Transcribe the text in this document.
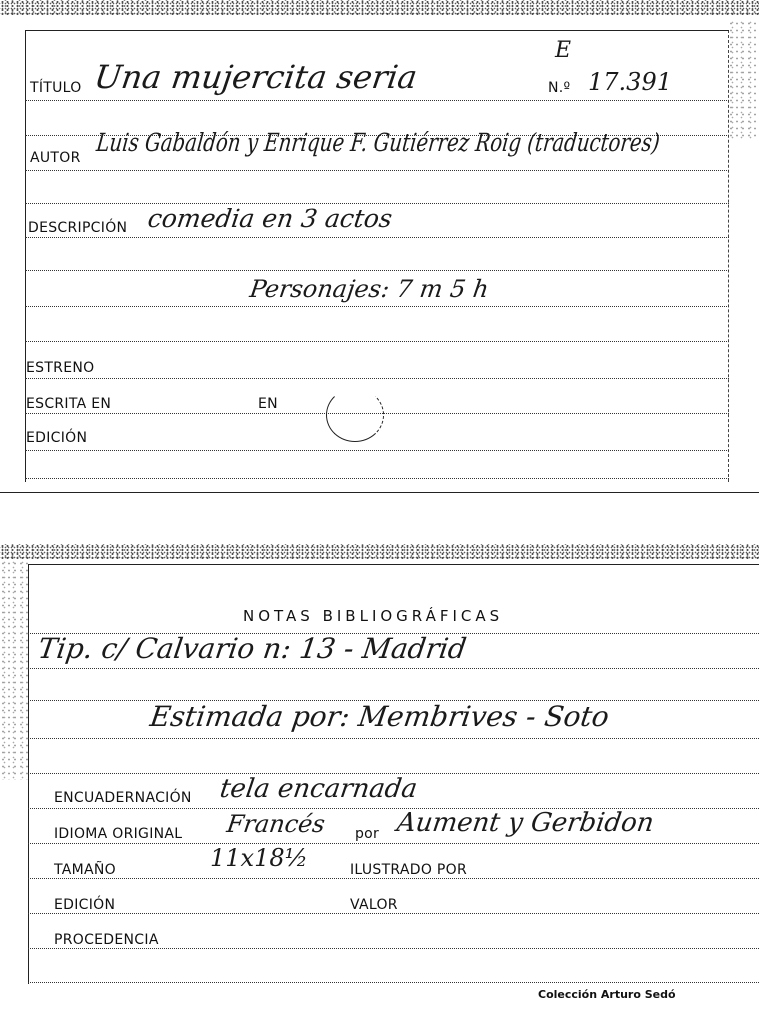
TÍTULO Una mujercita seria
E
N.º 17.391
AUTOR
Luis Gabaldón y Enrique F. Gutiérrez Roig (traductores)
DESCRIPCIÓN comedia en 3 actos
Personajes: 7 m 5 h
ESTRENO
ESCRITA EN	EN
EDICIÓN
NOTAS BIBLIOGRÁFICAS
Tip. c/ Calvario n: 13 - Madrid
Estimada por: Membrives - Soto
ENCUADERNACIÓN tela encarnada
IDIOMA ORIGINAL Francés por Aument y Gerbidon
TAMAÑO	11x18½	ILUSTRADO POR
EDICIÓN	VALOR
PROCEDENCIA
Colección Arturo Sedó
